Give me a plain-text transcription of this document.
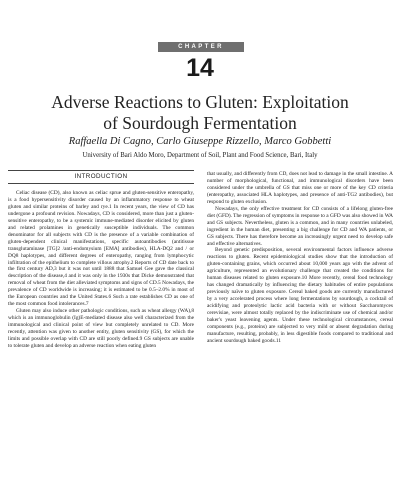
CHAPTER
14
Adverse Reactions to Gluten: Exploitation
of Sourdough Fermentation
Raffaella Di Cagno, Carlo Giuseppe Rizzello, Marco Gobbetti
University of Bari Aldo Moro, Department of Soil, Plant and Food Science, Bari, Italy
INTRODUCTION

Celiac disease (CD), also known as celiac sprue and gluten-sensitive enteropathy, is a food hypersensitivity disorder caused by an inflammatory response to wheat gluten and similar proteins of barley and rye.1 In recent years, the view of CD has undergone a profound revision. Nowadays, CD is considered, more than just a gluten-sensitive enteropathy, to be a systemic immune-mediated disorder elicited by gluten and related prolamines in genetically susceptible individuals. The common denominator for all subjects with CD is the presence of a variable combination of gluten-dependent clinical manifestations, specific autoantibodies (antitissue transglutaminase [TG]2 /anti-endomysium [EMA] antibodies), HLA-DQ2 and / or DQ8 haplotypes, and different degrees of enteropathy, ranging from lymphocytic infiltration of the epithelium to complete villous atrophy.2 Reports of CD date back to the first century AD,3 but it was not until 1888 that Samuel Gee gave the classical description of the disease,4 and it was only in the 1930s that Dicke demonstrated that removal of wheat from the diet alleviated symptoms and signs of CD.5 Nowadays, the prevalence of CD worldwide is increasing; it is estimated to be 0.5–2.0% in most of the European countries and the United States.6 Such a rate establishes CD as one of the most common food intolerances.7

Gluten may also induce other pathologic conditions, such as wheat allergy (WA),8 which is an immunoglobulin (Ig)E-mediated disease also well characterized from the immunological and clinical point of view but completely unrelated to CD. More recently, attention was given to another entity, gluten sensitivity (GS), for which the limits and possible overlap with CD are still poorly defined.9 GS subjects are unable to tolerate gluten and develop an adverse reaction when eating gluten

that usually, and differently from CD, does not lead to damage in the small intestine. A number of morphological, functional, and immunological disorders have been considered under the umbrella of GS that miss one or more of the key CD criteria (enteropathy, associated HLA haplotypes, and presence of anti-TG2 antibodies), but respond to gluten exclusion.

Nowadays, the only effective treatment for CD consists of a lifelong gluten-free diet (GFD). The regression of symptoms in response to a GFD was also showed in WA and GS subjects. Nevertheless, gluten is a common, and in many countries unlabeled, ingredient in the human diet, presenting a big challenge for CD and WA patients, or GS subjects. There has therefore become an increasingly urgent need to develop safe and effective alternatives.

Beyond genetic predisposition, several environmental factors influence adverse reactions to gluten. Recent epidemiological studies show that the introduction of gluten-containing grains, which occurred about 10,000 years ago with the advent of agriculture, represented an evolutionary challenge that created the conditions for human diseases related to gluten exposure.10 More recently, cereal food technology has changed dramatically by influencing the dietary habitudes of entire populations previously naïve to gluten exposure. Cereal baked goods are currently manufactured by a very accelerated process where long fermentations by sourdough, a cocktail of acidifying and proteolytic lactic acid bacteria with or without Saccharomyces cerevisiae, were almost totally replaced by the indiscriminate use of chemical and/or baker's yeast leavening agents. Under these technological circumstances, cereal components (e.g., proteins) are subjected to very mild or absent degradation during manufacture, resulting, probably, in less digestible foods compared to traditional and ancient sourdough baked goods.11
